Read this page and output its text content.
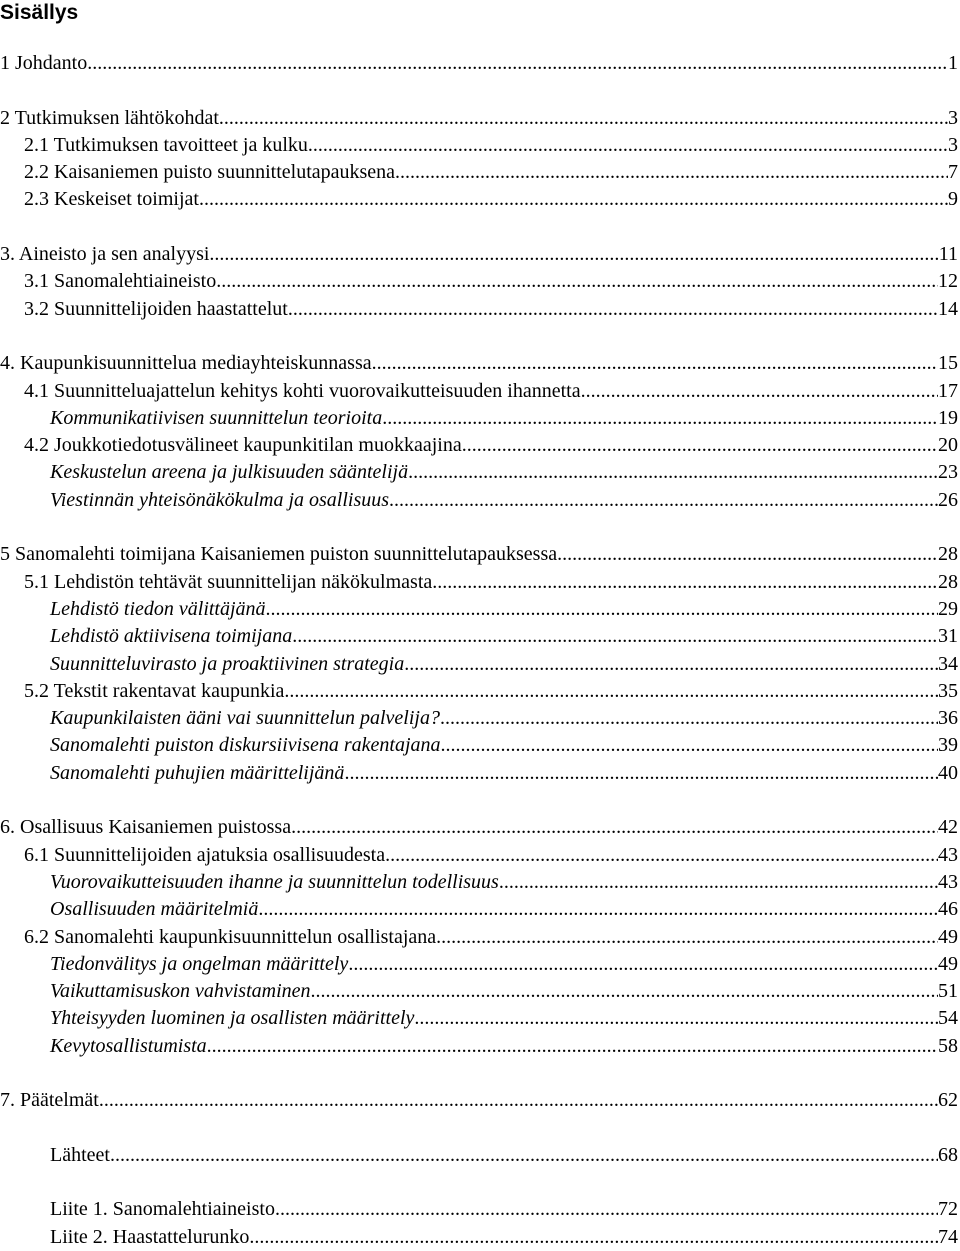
Sisällys
1 Johdanto .....	1
2 Tutkimuksen lähtökohdat .....	3
2.1 Tutkimuksen tavoitteet ja kulku .....	3
2.2 Kaisaniemen puisto suunnittelutapauksena .....	7
2.3 Keskeiset toimijat .....	9
3. Aineisto ja sen analyysi .....	11
3.1 Sanomalehtiaineisto .....	12
3.2 Suunnittelijoiden haastattelut .....	14
4. Kaupunkisuunnittelua mediayhteiskunnassa .....	15
4.1 Suunnitteluajattelun kehitys kohti vuorovaikutteisuuden ihannetta .....	17
Kommunikatiivisen suunnittelun teorioita .....	19
4.2 Joukkotiedotusvälineet kaupunkitilan muokkaajina .....	20
Keskustelun areena ja julkisuuden sääntelijä .....	23
Viestinnän yhteisönäkökulma ja osallisuus .....	26
5 Sanomalehti toimijana Kaisaniemen puiston suunnittelutapauksessa .....	28
5.1 Lehdistön tehtävät suunnittelijan näkökulmasta .....	28
Lehdistö tiedon välittäjänä .....	29
Lehdistö aktiivisena toimijana .....	31
Suunnitteluvirasto ja proaktiivinen strategia .....	34
5.2 Tekstit rakentavat kaupunkia .....	35
Kaupunkilaisten ääni vai suunnittelun palvelija? .....	36
Sanomalehti puiston diskursiivisena rakentajana .....	39
Sanomalehti puhujien määrittelijänä .....	40
6. Osallisuus Kaisaniemen puistossa .....	42
6.1 Suunnittelijoiden ajatuksia osallisuudesta .....	43
Vuorovaikutteisuuden ihanne ja suunnittelun todellisuus .....	43
Osallisuuden määritelmiä .....	46
6.2 Sanomalehti kaupunkisuunnittelun osallistajana .....	49
Tiedonvälitys ja ongelman määrittely .....	49
Vaikuttamisuskon vahvistaminen .....	51
Yhteisyyden luominen ja osallisten määrittely .....	54
Kevytosallistumista .....	58
7. Päätelmät .....	62
Lähteet .....	68
Liite 1. Sanomalehtiaineisto .....	72
Liite 2. Haastattelurunko .....	74
